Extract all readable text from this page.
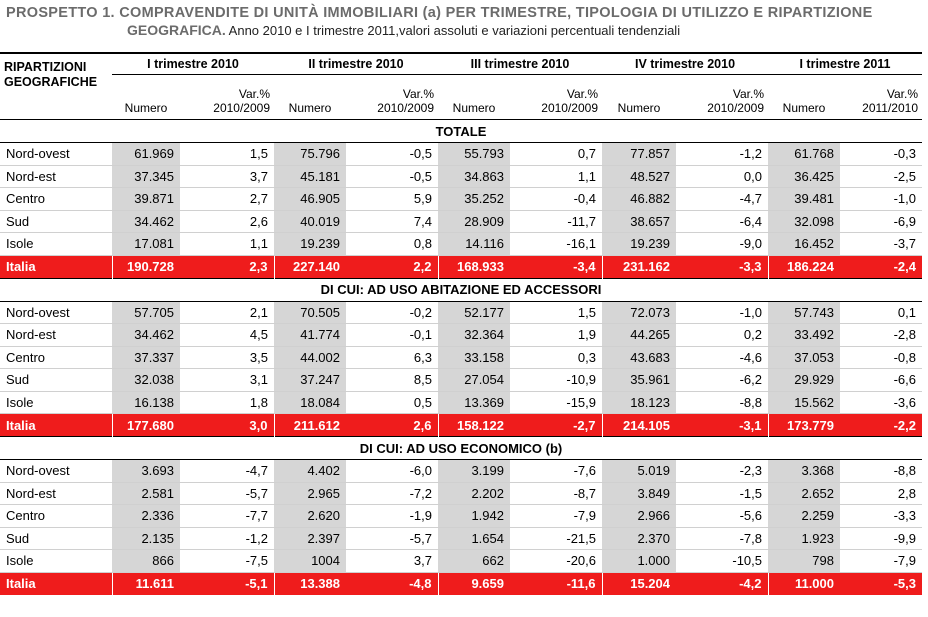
PROSPETTO 1. COMPRAVENDITE DI UNITÀ IMMOBILIARI (a) PER TRIMESTRE, TIPOLOGIA DI UTILIZZO E RIPARTIZIONE
GEOGRAFICA. Anno 2010 e I trimestre 2011,valori assoluti e variazioni percentuali tendenziali

RIPARTIZIONI
GEOGRAFICHE	I trimestre 2010		II trimestre 2010		III trimestre 2010		IV trimestre 2010		I trimestre 2011	
	Numero	Var.%
2010/2009	Numero	Var.%
2010/2009	Numero	Var.%
2010/2009	Numero	Var.%
2010/2009	Numero	Var.%
2011/2010

TOTALE										
Nord-ovest	61.969	1,5	75.796	-0,5	55.793	0,7	77.857	-1,2	61.768	-0,3
Nord-est	37.345	3,7	45.181	-0,5	34.863	1,1	48.527	0,0	36.425	-2,5
Centro	39.871	2,7	46.905	5,9	35.252	-0,4	46.882	-4,7	39.481	-1,0
Sud	34.462	2,6	40.019	7,4	28.909	-11,7	38.657	-6,4	32.098	-6,9
Isole	17.081	1,1	19.239	0,8	14.116	-16,1	19.239	-9,0	16.452	-3,7
Italia	190.728	2,3	227.140	2,2	168.933	-3,4	231.162	-3,3	186.224	-2,4
DI CUI: AD USO ABITAZIONE ED ACCESSORI										
Nord-ovest	57.705	2,1	70.505	-0,2	52.177	1,5	72.073	-1,0	57.743	0,1
Nord-est	34.462	4,5	41.774	-0,1	32.364	1,9	44.265	0,2	33.492	-2,8
Centro	37.337	3,5	44.002	6,3	33.158	0,3	43.683	-4,6	37.053	-0,8
Sud	32.038	3,1	37.247	8,5	27.054	-10,9	35.961	-6,2	29.929	-6,6
Isole	16.138	1,8	18.084	0,5	13.369	-15,9	18.123	-8,8	15.562	-3,6
Italia	177.680	3,0	211.612	2,6	158.122	-2,7	214.105	-3,1	173.779	-2,2
DI CUI: AD USO ECONOMICO (b)										
Nord-ovest	3.693	-4,7	4.402	-6,0	3.199	-7,6	5.019	-2,3	3.368	-8,8
Nord-est	2.581	-5,7	2.965	-7,2	2.202	-8,7	3.849	-1,5	2.652	2,8
Centro	2.336	-7,7	2.620	-1,9	1.942	-7,9	2.966	-5,6	2.259	-3,3
Sud	2.135	-1,2	2.397	-5,7	1.654	-21,5	2.370	-7,8	1.923	-9,9
Isole	866	-7,5	1004	3,7	662	-20,6	1.000	-10,5	798	-7,9
Italia	11.611	-5,1	13.388	-4,8	9.659	-11,6	15.204	-4,2	11.000	-5,3
